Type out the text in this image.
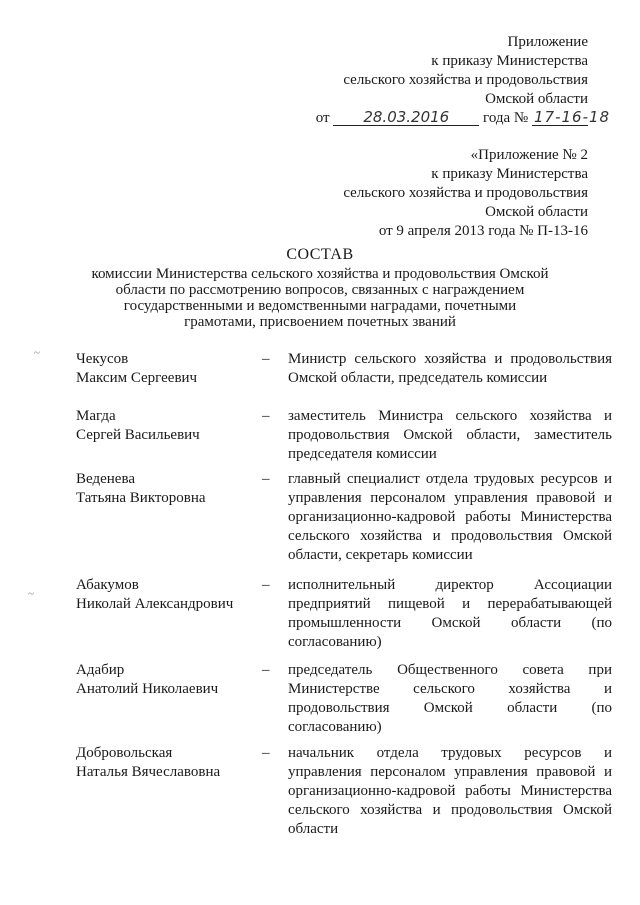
Приложение
к приказу Министерства
сельского хозяйства и продовольствия
Омской области
от 28.03.2016 года № 17-16-18
«Приложение № 2
к приказу Министерства
сельского хозяйства и продовольствия
Омской области
от 9 апреля 2013 года № П-13-16
СОСТАВ
комиссии Министерства сельского хозяйства и продовольствия Омской
области по рассмотрению вопросов, связанных с награждением
государственными и ведомственными наградами, почетными
грамотами, присвоением почетных званий
~
~
Чекусов
Максим Сергеевич
– Министр сельского хозяйства и продовольствия
Омской области, председатель комиссии
Магда
Сергей Васильевич
– заместитель Министра сельского хозяйства и
продовольствия Омской области, заместитель
председателя комиссии
Веденева
Татьяна Викторовна
– главный специалист отдела трудовых ресурсов и
управления персоналом управления правовой и
организационно-кадровой работы Министерства
сельского хозяйства и продовольствия Омской
области, секретарь комиссии
Абакумов
Николай Александрович
– исполнительный директор Ассоциации
предприятий пищевой и перерабатывающей
промышленности Омской области (по
согласованию)
Адабир
Анатолий Николаевич
– председатель Общественного совета при
Министерстве сельского хозяйства и
продовольствия Омской области (по
согласованию)
Добровольская
Наталья Вячеславовна
– начальник отдела трудовых ресурсов и
управления персоналом управления правовой и
организационно-кадровой работы Министерства
сельского хозяйства и продовольствия Омской
области
